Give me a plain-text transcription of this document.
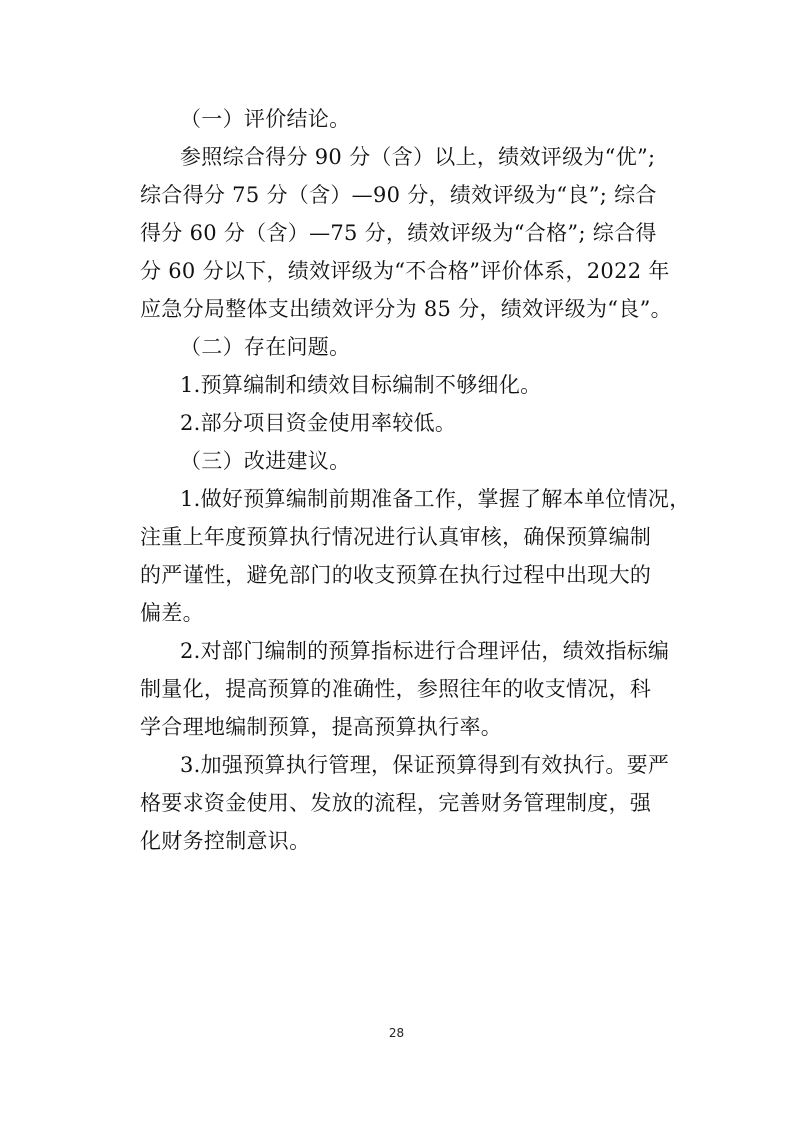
（一）评价结论。
参照综合得分 90 分（含）以上，绩效评级为“优”;
综合得分 75 分（含）—90 分，绩效评级为“良”; 综合
得分 60 分（含）—75 分，绩效评级为“合格”; 综合得
分 60 分以下，绩效评级为“不合格”评价体系，2022 年
应急分局整体支出绩效评分为 85 分，绩效评级为“良”。
（二）存在问题。
1.预算编制和绩效目标编制不够细化。
2.部分项目资金使用率较低。
（三）改进建议。
1.做好预算编制前期准备工作，掌握了解本单位情况，
注重上年度预算执行情况进行认真审核，确保预算编制
的严谨性，避免部门的收支预算在执行过程中出现大的
偏差。
2.对部门编制的预算指标进行合理评估，绩效指标编
制量化，提高预算的准确性，参照往年的收支情况，科
学合理地编制预算，提高预算执行率。
3.加强预算执行管理，保证预算得到有效执行。要严
格要求资金使用、发放的流程，完善财务管理制度，强
化财务控制意识。
28
